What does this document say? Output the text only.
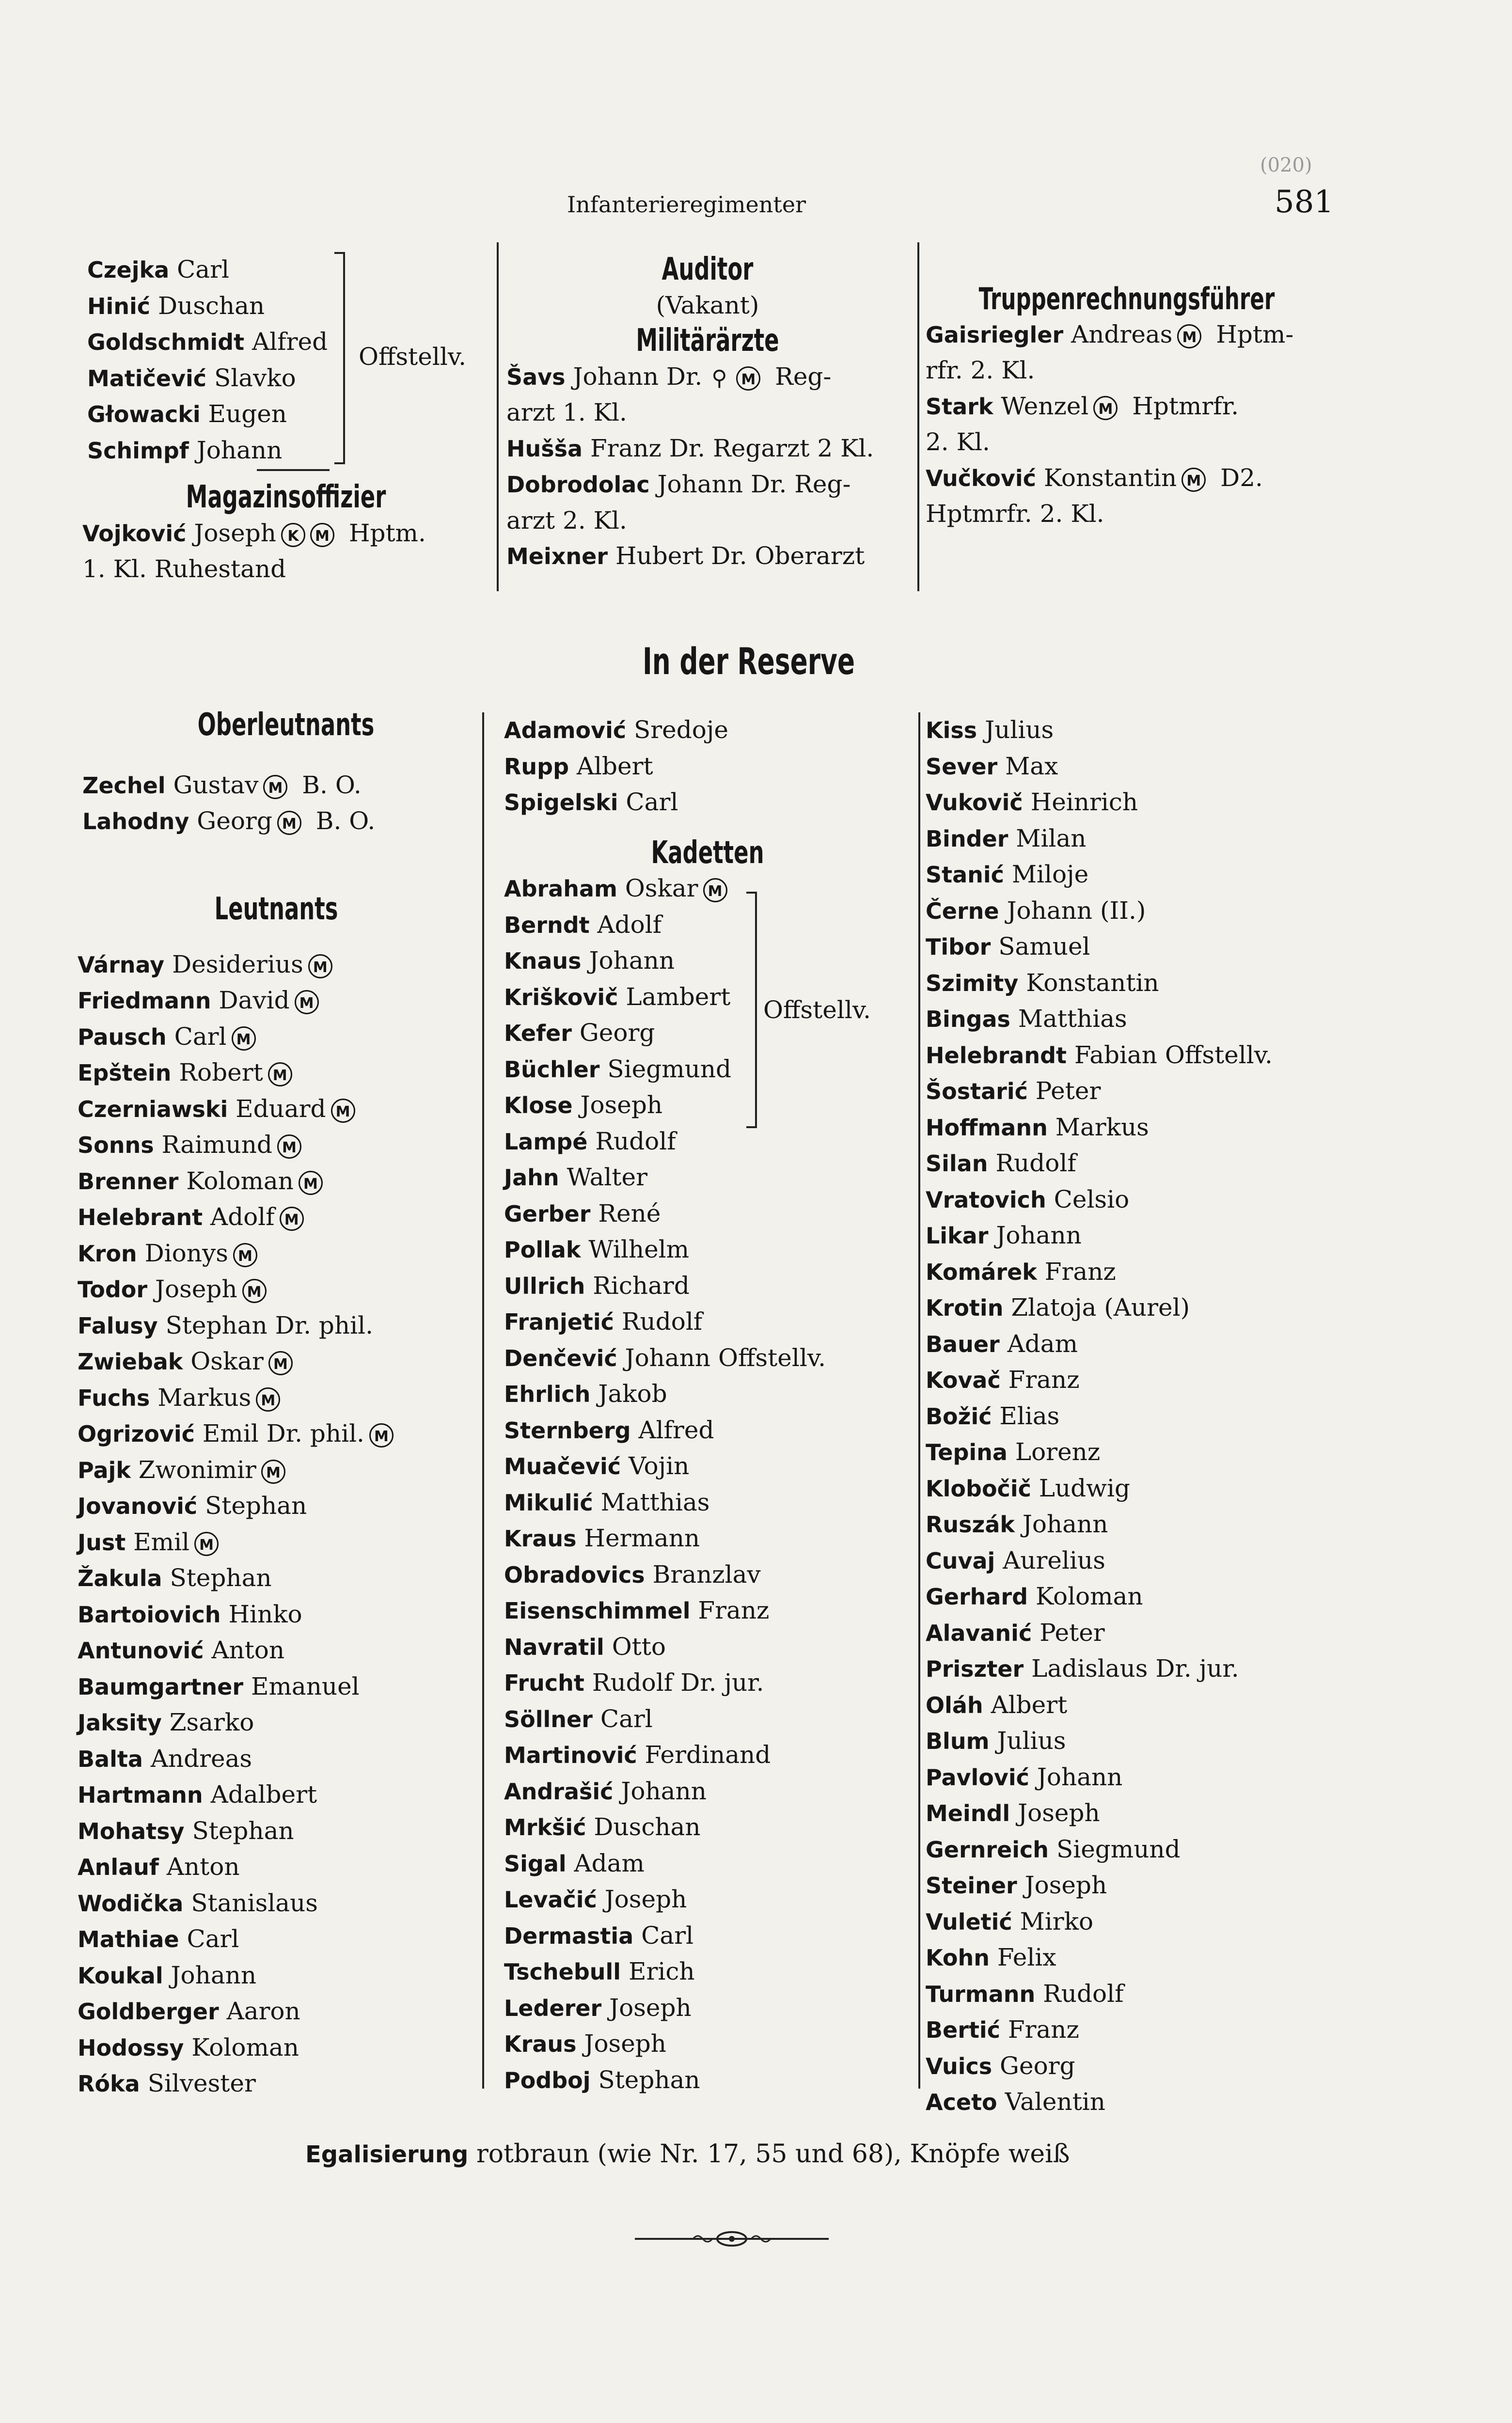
Infanterieregimenter
(020)
581
Czejka Carl
Hinić Duschan
Goldschmidt Alfred
Matičević Slavko
Głowacki Eugen
Schimpf Johann
Offstellv.
Magazinsoffizier
Vojković Joseph K M Hptm.
1. Kl. Ruhestand
Oberleutnants
Zechel Gustav M B. O.
Lahodny Georg M B. O.
Leutnants
Várnay Desiderius M
Friedmann David M
Pausch Carl M
Epštein Robert M
Czerniawski Eduard M
Sonns Raimund M
Brenner Koloman M
Helebrant Adolf M
Kron Dionys M
Todor Joseph M
Falusy Stephan Dr. phil.
Zwiebak Oskar M
Fuchs Markus M
Ogrizović Emil Dr. phil. M
Pajk Zwonimir M
Jovanović Stephan
Just Emil M
Žakula Stephan
Bartoiovich Hinko
Antunović Anton
Baumgartner Emanuel
Jaksity Zsarko
Balta Andreas
Hartmann Adalbert
Mohatsy Stephan
Anlauf Anton
Wodička Stanislaus
Mathiae Carl
Koukal Johann
Goldberger Aaron
Hodossy Koloman
Róka Silvester
Auditor
(Vakant)
Militärärzte
Šavs Johann Dr. ⚲ M Reg-
arzt 1. Kl.
Hušša Franz Dr. Regarzt 2 Kl.
Dobrodolac Johann Dr. Reg-
arzt 2. Kl.
Meixner Hubert Dr. Oberarzt
In der Reserve
Adamović Sredoje
Rupp Albert
Spigelski Carl
Kadetten
Abraham Oskar M
Berndt Adolf
Knaus Johann
Kriškovič Lambert
Kefer Georg
Büchler Siegmund
Klose Joseph
Lampé Rudolf
Jahn Walter
Gerber René
Pollak Wilhelm
Ullrich Richard
Franjetić Rudolf
Denčević Johann Offstellv.
Ehrlich Jakob
Sternberg Alfred
Muačević Vojin
Mikulić Matthias
Kraus Hermann
Obradovics Branzlav
Eisenschimmel Franz
Navratil Otto
Frucht Rudolf Dr. jur.
Söllner Carl
Martinović Ferdinand
Andrašić Johann
Mrkšić Duschan
Sigal Adam
Levačić Joseph
Dermastia Carl
Tschebull Erich
Lederer Joseph
Kraus Joseph
Podboj Stephan
Offstellv.
Truppenrechnungsführer
Gaisriegler Andreas M Hptm-
rfr. 2. Kl.
Stark Wenzel M Hptmrfr.
2. Kl.
Vučković Konstantin M D2.
Hptmrfr. 2. Kl.
Kiss Julius
Sever Max
Vukovič Heinrich
Binder Milan
Stanić Miloje
Černe Johann (II.)
Tibor Samuel
Szimity Konstantin
Bingas Matthias
Helebrandt Fabian Offstellv.
Šostarić Peter
Hoffmann Markus
Silan Rudolf
Vratovich Celsio
Likar Johann
Komárek Franz
Krotin Zlatoja (Aurel)
Bauer Adam
Kovač Franz
Božić Elias
Tepina Lorenz
Klobočič Ludwig
Ruszák Johann
Cuvaj Aurelius
Gerhard Koloman
Alavanić Peter
Priszter Ladislaus Dr. jur.
Oláh Albert
Blum Julius
Pavlović Johann
Meindl Joseph
Gernreich Siegmund
Steiner Joseph
Vuletić Mirko
Kohn Felix
Turmann Rudolf
Bertić Franz
Vuics Georg
Aceto Valentin
Egalisierung rotbraun (wie Nr. 17, 55 und 68), Knöpfe weiß
